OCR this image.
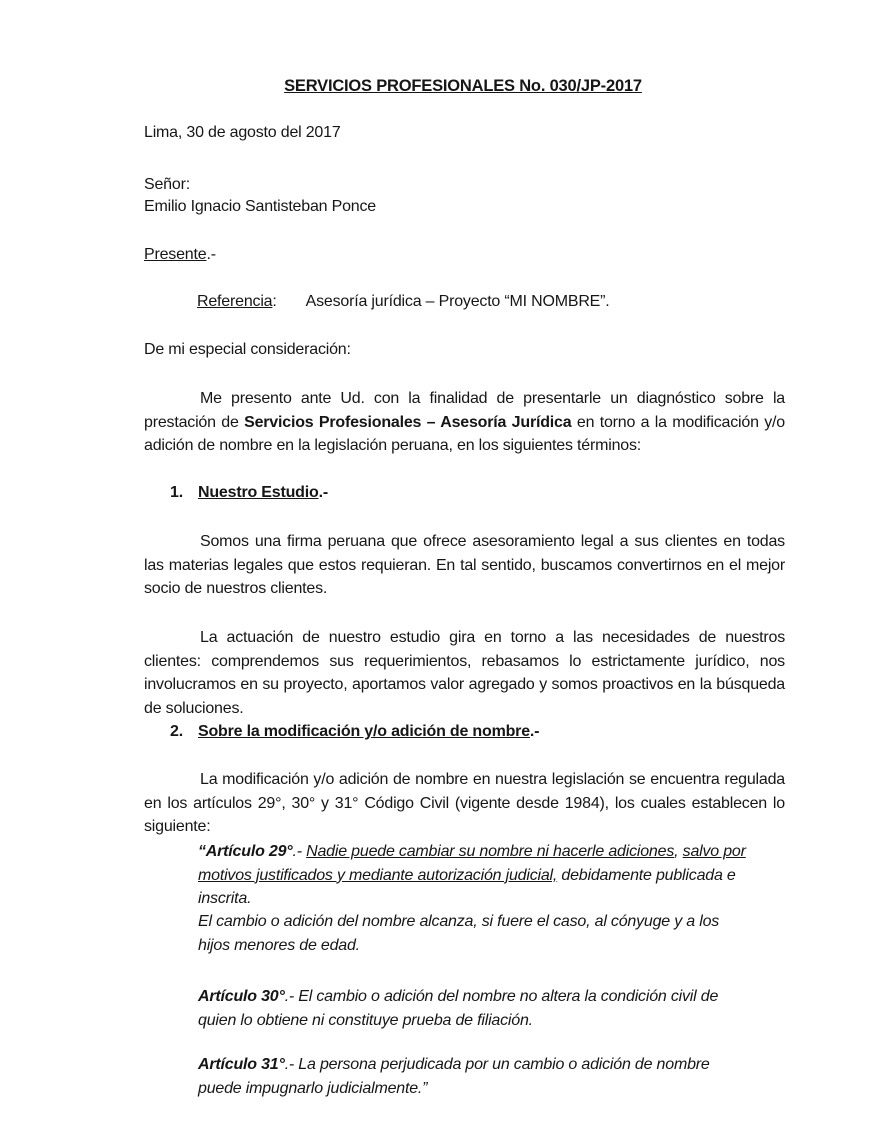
SERVICIOS PROFESIONALES No. 030/JP-2017

Lima, 30 de agosto del 2017

Señor:

Emilio Ignacio Santisteban Ponce

Presente.-

Referencia: Asesoría jurídica – Proyecto “MI NOMBRE”.

De mi especial consideración:

Me presento ante Ud. con la finalidad de presentarle un diagnóstico sobre la prestación de Servicios Profesionales – Asesoría Jurídica en torno a la modificación y/o adición de nombre en la legislación peruana, en los siguientes términos:

1. Nuestro Estudio.-

Somos una firma peruana que ofrece asesoramiento legal a sus clientes en todas las materias legales que estos requieran. En tal sentido, buscamos convertirnos en el mejor socio de nuestros clientes.

La actuación de nuestro estudio gira en torno a las necesidades de nuestros clientes: comprendemos sus requerimientos, rebasamos lo estrictamente jurídico, nos involucramos en su proyecto, aportamos valor agregado y somos proactivos en la búsqueda de soluciones.

2. Sobre la modificación y/o adición de nombre.-

La modificación y/o adición de nombre en nuestra legislación se encuentra regulada en los artículos 29°, 30° y 31° Código Civil (vigente desde 1984), los cuales establecen lo siguiente:

“Artículo 29°.- Nadie puede cambiar su nombre ni hacerle adiciones, salvo por motivos justificados y mediante autorización judicial, debidamente publicada e inscrita.

El cambio o adición del nombre alcanza, si fuere el caso, al cónyuge y a los hijos menores de edad.

Artículo 30°.- El cambio o adición del nombre no altera la condición civil de quien lo obtiene ni constituye prueba de filiación.

Artículo 31°.- La persona perjudicada por un cambio o adición de nombre puede impugnarlo judicialmente.”
